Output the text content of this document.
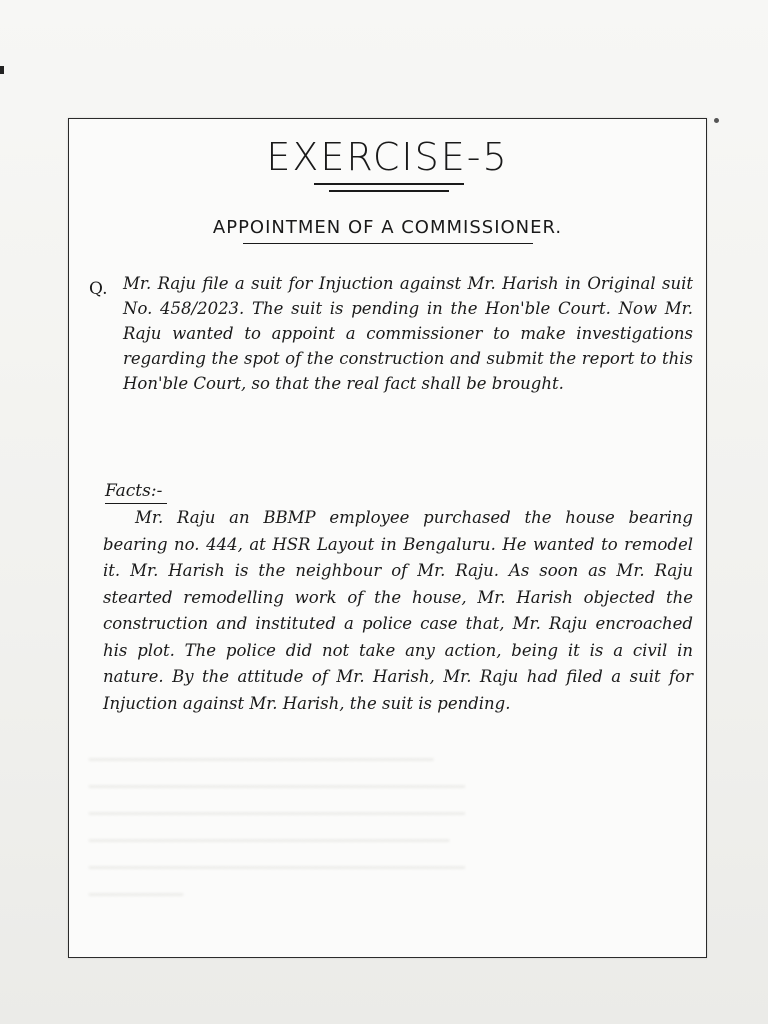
EXERCISE-5
APPOINTMEN OF A COMMISSIONER.
Q. Mr. Raju file a suit for Injuction against Mr. Harish in Original suit No. 458/2023. The suit is pending in the Hon'ble Court. Now Mr. Raju wanted to appoint a commissioner to make investigations regarding the spot of the construction and submit the report to this Hon'ble Court, so that the real fact shall be brought.
Facts:-
Mr. Raju an BBMP employee purchased the house bearing bearing no. 444, at HSR Layout in Bengaluru. He wanted to remodel it. Mr. Harish is the neighbour of Mr. Raju. As soon as Mr. Raju stearted remodelling work of the house, Mr. Harish objected the construction and instituted a police case that, Mr. Raju encroached his plot. The police did not take any action, being it is a civil in nature. By the attitude of Mr. Harish, Mr. Raju had filed a suit for Injuction against Mr. Harish, the suit is pending.
━━━━━━━━━━━━━━━━━━━━━━━━━━━━━━━━━━━━━━━━━━━━
━━━━━━━━━━━━━━━━━━━━━━━━━━━━━━━━━━━━━━━━━━━━━━━━
━━━━━━━━━━━━━━━━━━━━━━━━━━━━━━━━━━━━━━━━━━━━━━━━
━━━━━━━━━━━━━━━━━━━━━━━━━━━━━━━━━━━━━━━━━━━━━━
━━━━━━━━━━━━━━━━━━━━━━━━━━━━━━━━━━━━━━━━━━━━━━━━
━━━━━━━━━━━━
